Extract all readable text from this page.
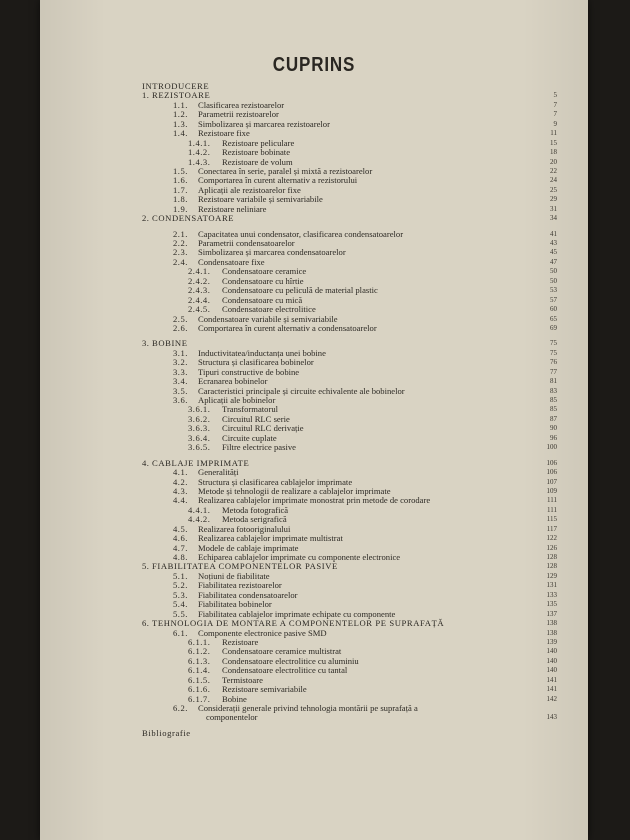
CUPRINS
INTRODUCERE
1. REZISTOARE	5
1.1. Clasificarea rezistoarelor	7
1.2. Parametrii rezistoarelor	7
1.3. Simbolizarea și marcarea rezistoarelor	9
1.4. Rezistoare fixe	11
1.4.1. Rezistoare peliculare	15
1.4.2. Rezistoare bobinate	18
1.4.3. Rezistoare de volum	20
1.5. Conectarea în serie, paralel și mixtă a rezistoarelor	22
1.6. Comportarea în curent alternativ a rezistorului	24
1.7. Aplicații ale rezistoarelor fixe	25
1.8. Rezistoare variabile și semivariabile	29
1.9. Rezistoare neliniare	31
2. CONDENSATOARE	34
2.1. Capacitatea unui condensator, clasificarea condensatoarelor	41
2.2. Parametrii condensatoarelor	43
2.3. Simbolizarea și marcarea condensatoarelor	45
2.4. Condensatoare fixe	47
2.4.1. Condensatoare ceramice	50
2.4.2. Condensatoare cu hîrtie	50
2.4.3. Condensatoare cu peliculă de material plastic	53
2.4.4. Condensatoare cu mică	57
2.4.5. Condensatoare electrolitice	60
2.5. Condensatoare variabile și semivariabile	65
2.6. Comportarea în curent alternativ a condensatoarelor	69
3. BOBINE	75
3.1. Inductivitatea/inductanța unei bobine	75
3.2. Structura și clasificarea bobinelor	76
3.3. Tipuri constructive de bobine	77
3.4. Ecranarea bobinelor	81
3.5. Caracteristici principale și circuite echivalente ale bobinelor	83
3.6. Aplicații ale bobinelor	85
3.6.1. Transformatorul	85
3.6.2. Circuitul RLC serie	87
3.6.3. Circuitul RLC derivație	90
3.6.4. Circuite cuplate	96
3.6.5. Filtre electrice pasive	100
4. CABLAJE IMPRIMATE	106
4.1. Generalități	106
4.2. Structura și clasificarea cablajelor imprimate	107
4.3. Metode și tehnologii de realizare a cablajelor imprimate	109
4.4. Realizarea cablajelor imprimate monostrat prin metode de corodare	111
4.4.1. Metoda fotografică	111
4.4.2. Metoda serigrafică	115
4.5. Realizarea fotooriginalului	117
4.6. Realizarea cablajelor imprimate multistrat	122
4.7. Modele de cablaje imprimate	126
4.8. Echiparea cablajelor imprimate cu componente electronice	128
5. FIABILITATEA COMPONENTELOR PASIVE	128
5.1. Noțiuni de fiabilitate	129
5.2. Fiabilitatea rezistoarelor	131
5.3. Fiabilitatea condensatoarelor	133
5.4. Fiabilitatea bobinelor	135
5.5. Fiabilitatea cablajelor imprimate echipate cu componente	137
6. TEHNOLOGIA DE MONTARE A COMPONENTELOR PE SUPRAFAȚĂ	138
6.1. Componente electronice pasive SMD	138
6.1.1. Rezistoare	139
6.1.2. Condensatoare ceramice multistrat	140
6.1.3. Condensatoare electrolitice cu aluminiu	140
6.1.4. Condensatoare electrolitice cu tantal	140
6.1.5. Termistoare	141
6.1.6. Rezistoare semivariabile	141
6.1.7. Bobine	142
6.2. Considerații generale privind tehnologia montării pe suprafață a
componentelor	143
Bibliografie
